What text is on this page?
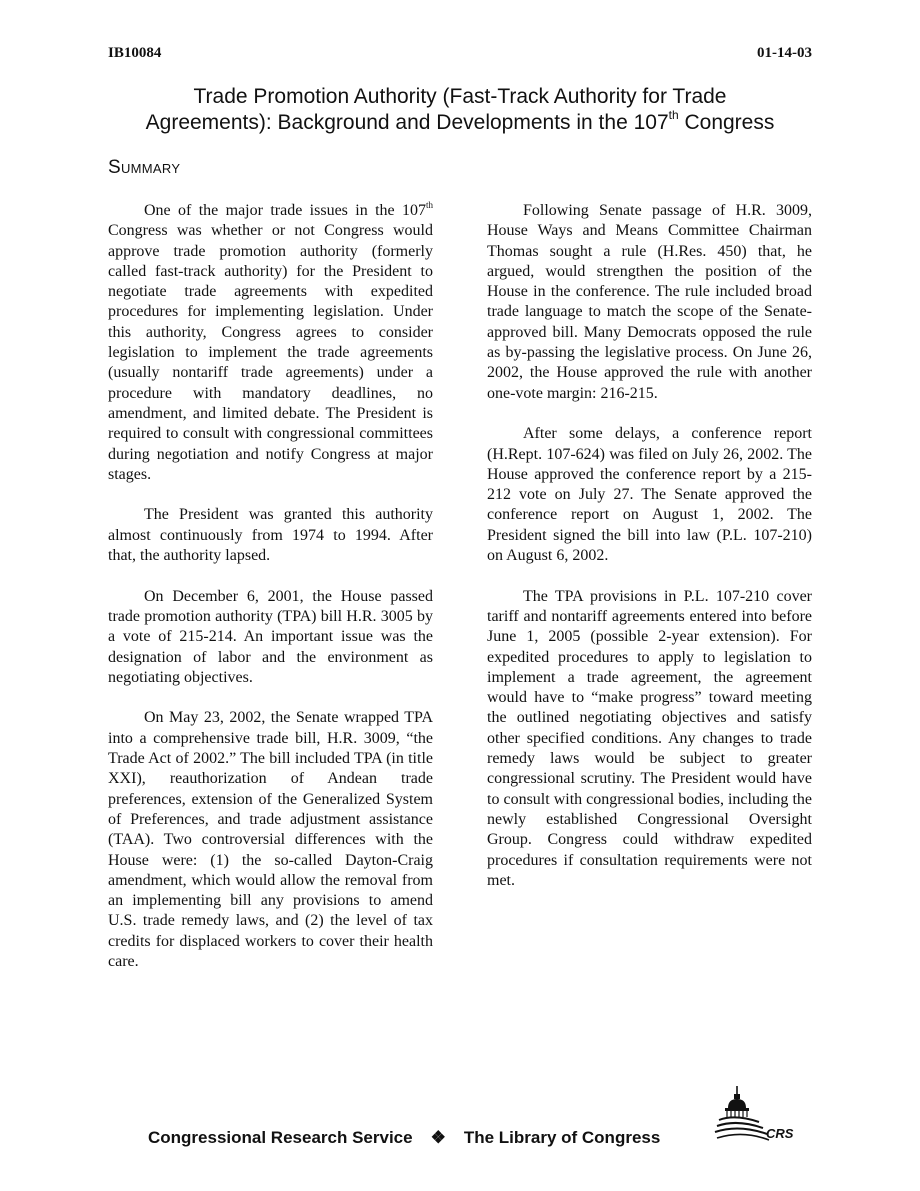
IB10084	01-14-03
Trade Promotion Authority (Fast-Track Authority for Trade
Agreements): Background and Developments in the 107th Congress
Summary

One of the major trade issues in the 107th Congress was whether or not Congress would approve trade promotion authority (formerly called fast-track authority) for the President to negotiate trade agreements with expedited procedures for implementing legislation. Under this authority, Congress agrees to consider legislation to implement the trade agreements (usually nontariff trade agreements) under a procedure with mandatory deadlines, no amendment, and limited debate. The President is required to consult with congressional committees during negotiation and notify Congress at major stages.

The President was granted this authority almost continuously from 1974 to 1994. After that, the authority lapsed.

On December 6, 2001, the House passed trade promotion authority (TPA) bill H.R. 3005 by a vote of 215-214. An important issue was the designation of labor and the environment as negotiating objectives.

On May 23, 2002, the Senate wrapped TPA into a comprehensive trade bill, H.R. 3009, “the Trade Act of 2002.” The bill included TPA (in title XXI), reauthorization of Andean trade preferences, extension of the Generalized System of Preferences, and trade adjustment assistance (TAA). Two controversial differences with the House were: (1) the so-called Dayton-Craig amendment, which would allow the removal from an implementing bill any provisions to amend U.S. trade remedy laws, and (2) the level of tax credits for displaced workers to cover their health care.

Following Senate passage of H.R. 3009, House Ways and Means Committee Chairman Thomas sought a rule (H.Res. 450) that, he argued, would strengthen the position of the House in the conference. The rule included broad trade language to match the scope of the Senate-approved bill. Many Democrats opposed the rule as by-passing the legislative process. On June 26, 2002, the House approved the rule with another one-vote margin: 216-215.

After some delays, a conference report (H.Rept. 107-624) was filed on July 26, 2002. The House approved the conference report by a 215-212 vote on July 27. The Senate approved the conference report on August 1, 2002. The President signed the bill into law (P.L. 107-210) on August 6, 2002.

The TPA provisions in P.L. 107-210 cover tariff and nontariff agreements entered into before June 1, 2005 (possible 2-year extension). For expedited procedures to apply to legislation to implement a trade agreement, the agreement would have to “make progress” toward meeting the outlined negotiating objectives and satisfy other specified conditions. Any changes to trade remedy laws would be subject to greater congressional scrutiny. The President would have to consult with congressional bodies, including the newly established Congressional Oversight Group. Congress could withdraw expedited procedures if consultation requirements were not met.

Congressional Research Service ❖ The Library of Congress	CRS
